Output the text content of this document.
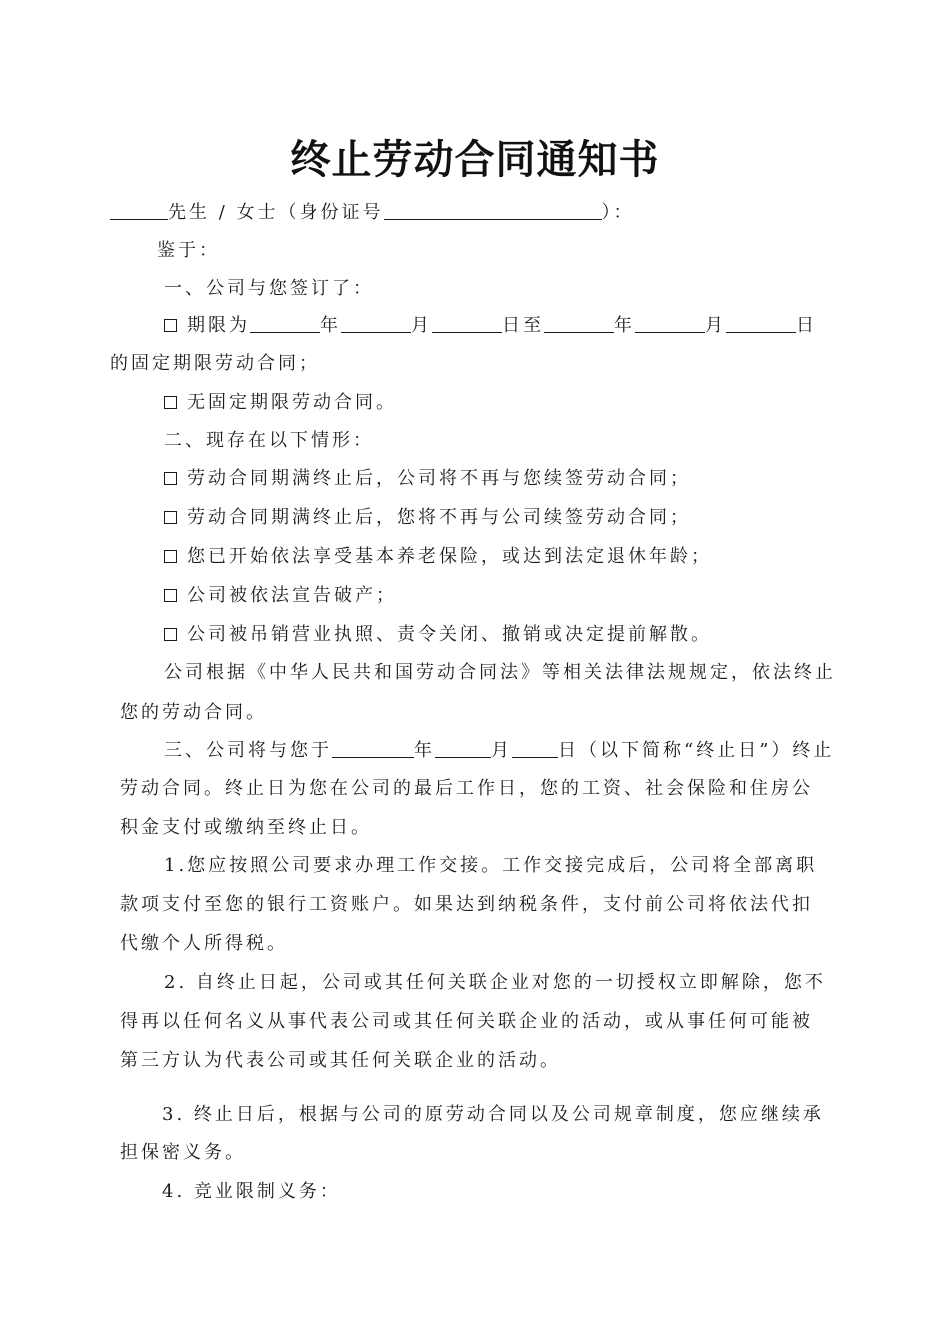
终止劳动合同通知书
先生 / 女士（身份证号	）：
鉴于：
一、公司与您签订了：
期限为	年	月	日至	年	月	日
的固定期限劳动合同；
无固定期限劳动合同。
二、现存在以下情形：
劳动合同期满终止后，公司将不再与您续签劳动合同；
劳动合同期满终止后，您将不再与公司续签劳动合同；
您已开始依法享受基本养老保险，或达到法定退休年龄；
公司被依法宣告破产；
公司被吊销营业执照、责令关闭、撤销或决定提前解散。
公司根据《中华人民共和国劳动合同法》等相关法律法规规定，依法终止
您的劳动合同。
三、公司将与您于	年	月	日（以下简称“终止日”）终止
劳动合同。终止日为您在公司的最后工作日，您的工资、社会保险和住房公
积金支付或缴纳至终止日。
1.您应按照公司要求办理工作交接。工作交接完成后，公司将全部离职
款项支付至您的银行工资账户。如果达到纳税条件，支付前公司将依法代扣
代缴个人所得税。
2. 自终止日起，公司或其任何关联企业对您的一切授权立即解除，您不
得再以任何名义从事代表公司或其任何关联企业的活动，或从事任何可能被
第三方认为代表公司或其任何关联企业的活动。
3. 终止日后，根据与公司的原劳动合同以及公司规章制度，您应继续承
担保密义务。
4. 竞业限制义务：
